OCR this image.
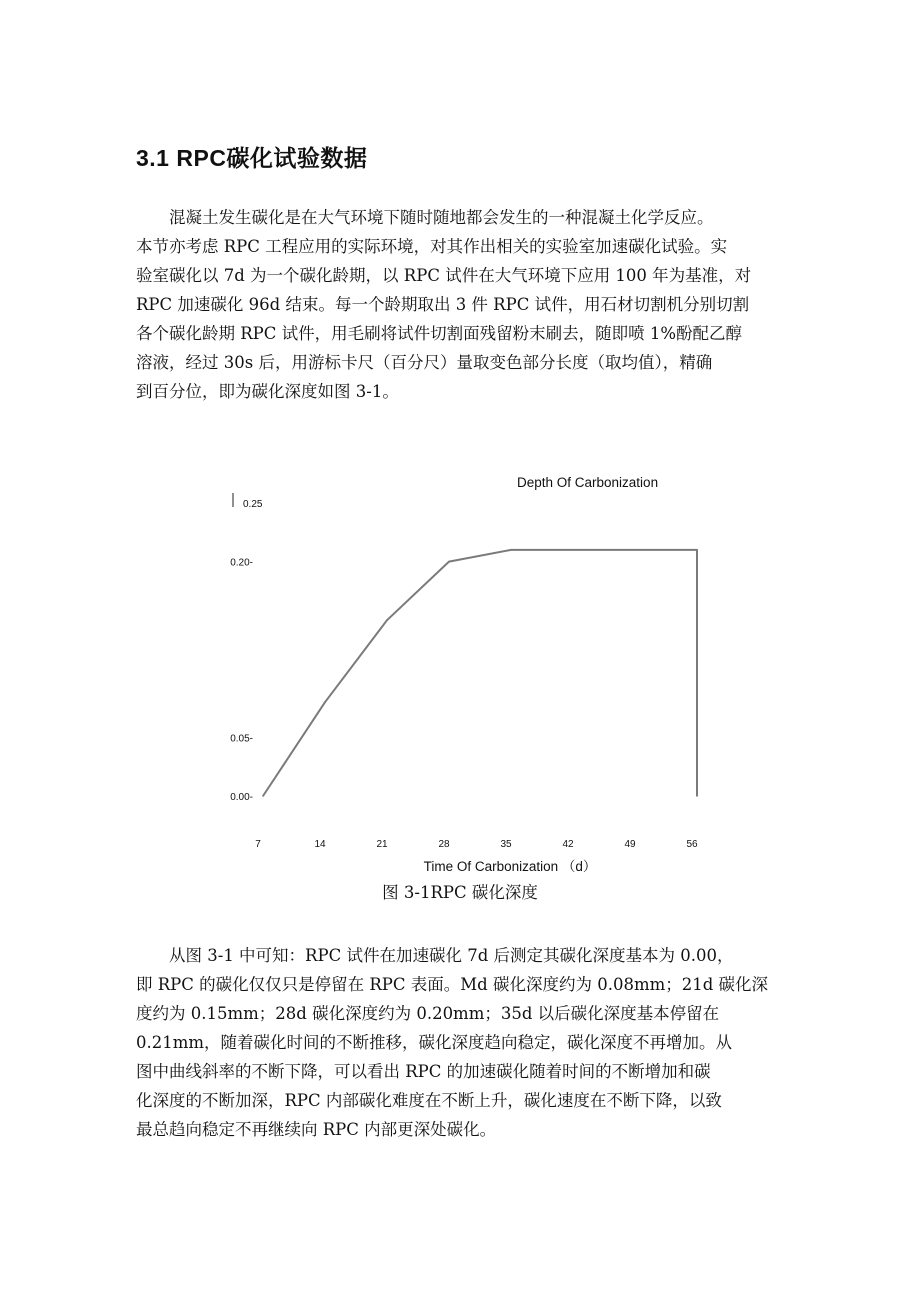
3.1 RPC碳化试验数据
　　混凝土发生碳化是在大气环境下随时随地都会发生的一种混凝土化学反应。
本节亦考虑 RPC 工程应用的实际环境，对其作出相关的实验室加速碳化试验。实
验室碳化以 7d 为一个碳化龄期，以 RPC 试件在大气环境下应用 100 年为基准，对
RPC 加速碳化 96d 结束。每一个龄期取出 3 件 RPC 试件，用石材切割机分别切割
各个碳化龄期 RPC 试件，用毛刷将试件切割面残留粉末刷去，随即喷 1%酚配乙醇
溶液，经过 30s 后，用游标卡尺（百分尺）量取变色部分长度（取均值），精确
到百分位，即为碳化深度如图 3-1。
Depth Of Carbonization
0.00-
0.05-
0.20-
0.25
7	14	21	28	35	42	49	56
Time Of Carbonization （d）
图 3-1RPC 碳化深度
　　从图 3-1 中可知：RPC 试件在加速碳化 7d 后测定其碳化深度基本为 0.00，
即 RPC 的碳化仅仅只是停留在 RPC 表面。Md 碳化深度约为 0.08mm；21d 碳化深
度约为 0.15mm；28d 碳化深度约为 0.20mm；35d 以后碳化深度基本停留在
0.21mm，随着碳化时间的不断推移，碳化深度趋向稳定，碳化深度不再增加。从
图中曲线斜率的不断下降，可以看出 RPC 的加速碳化随着时间的不断增加和碳
化深度的不断加深，RPC 内部碳化难度在不断上升，碳化速度在不断下降，以致
最总趋向稳定不再继续向 RPC 内部更深处碳化。
